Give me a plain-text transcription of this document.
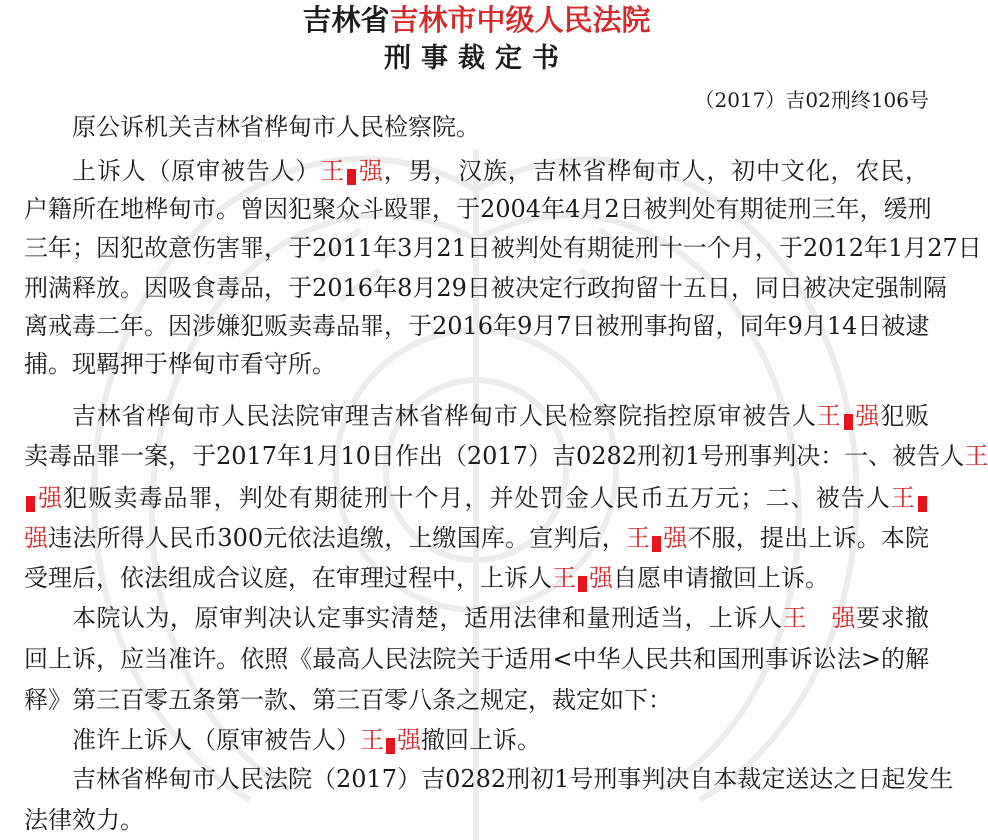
吉林省吉林市中级人民法院
刑事裁定书
（2017）吉02刑终106号
原公诉机关吉林省桦甸市人民检察院。
上诉人（原审被告人）王 强，男，汉族，吉林省桦甸市人，初中文化，农民，
户籍所在地桦甸市。曾因犯聚众斗殴罪，于2004年4月2日被判处有期徒刑三年，缓刑
三年；因犯故意伤害罪，于2011年3月21日被判处有期徒刑十一个月，于2012年1月27日
刑满释放。因吸食毒品，于2016年8月29日被决定行政拘留十五日，同日被决定强制隔
离戒毒二年。因涉嫌犯贩卖毒品罪，于2016年9月7日被刑事拘留，同年9月14日被逮
捕。现羁押于桦甸市看守所。
吉林省桦甸市人民法院审理吉林省桦甸市人民检察院指控原审被告人王 强犯贩
卖毒品罪一案，于2017年1月10日作出（2017）吉0282刑初1号刑事判决：一、被告人王
强犯贩卖毒品罪，判处有期徒刑十个月，并处罚金人民币五万元；二、被告人王
强违法所得人民币300元依法追缴，上缴国库。宣判后，王 强不服，提出上诉。本院
受理后，依法组成合议庭，在审理过程中，上诉人王 强自愿申请撤回上诉。
本院认为，原审判决认定事实清楚，适用法律和量刑适当，上诉人王　强要求撤
回上诉，应当准许。依照《最高人民法院关于适用<中华人民共和国刑事诉讼法>的解
释》第三百零五条第一款、第三百零八条之规定，裁定如下：
准许上诉人（原审被告人）王 强撤回上诉。
吉林省桦甸市人民法院（2017）吉0282刑初1号刑事判决自本裁定送达之日起发生
法律效力。
